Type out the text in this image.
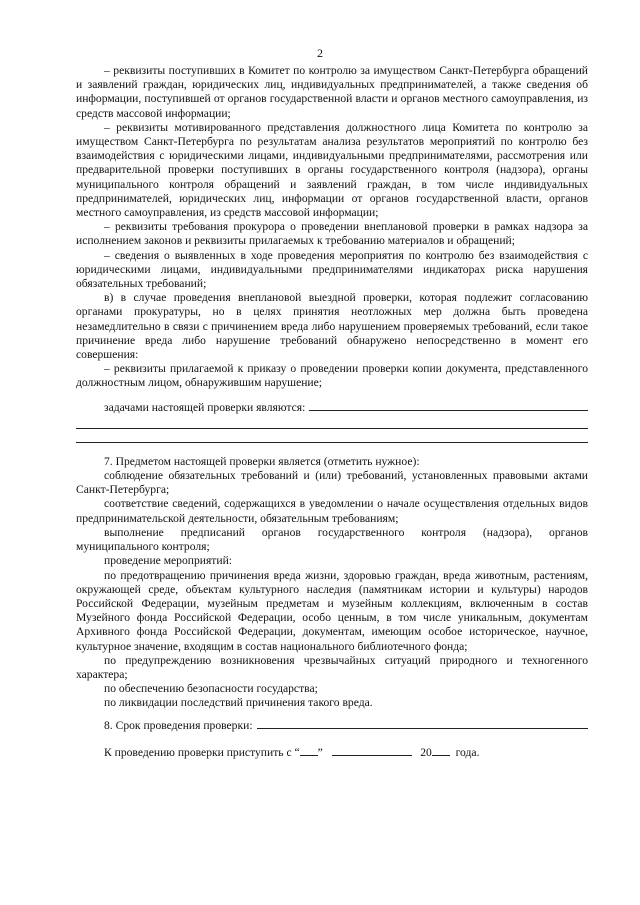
2

– реквизиты поступивших в Комитет по контролю за имуществом Санкт-Петербурга обращений и заявлений граждан, юридических лиц, индивидуальных предпринимателей, а также сведения об информации, поступившей от органов государственной власти и органов местного самоуправления, из средств массовой информации;

– реквизиты мотивированного представления должностного лица Комитета по контролю за имуществом Санкт-Петербурга по результатам анализа результатов мероприятий по контролю без взаимодействия с юридическими лицами, индивидуальными предпринимателями, рассмотрения или предварительной проверки поступивших в органы государственного контроля (надзора), органы муниципального контроля обращений и заявлений граждан, в том числе индивидуальных предпринимателей, юридических лиц, информации от органов государственной власти, органов местного самоуправления, из средств массовой информации;

– реквизиты требования прокурора о проведении внеплановой проверки в рамках надзора за исполнением законов и реквизиты прилагаемых к требованию материалов и обращений;

– сведения о выявленных в ходе проведения мероприятия по контролю без взаимодействия с юридическими лицами, индивидуальными предпринимателями индикаторах риска нарушения обязательных требований;

в) в случае проведения внеплановой выездной проверки, которая подлежит согласованию органами прокуратуры, но в целях принятия неотложных мер должна быть проведена незамедлительно в связи с причинением вреда либо нарушением проверяемых требований, если такое причинение вреда либо нарушение требований обнаружено непосредственно в момент его совершения:

– реквизиты прилагаемой к приказу о проведении проверки копии документа, представленного должностным лицом, обнаружившим нарушение;

задачами настоящей проверки являются:

7. Предметом настоящей проверки является (отметить нужное):

соблюдение обязательных требований и (или) требований, установленных правовыми актами Санкт-Петербурга;

соответствие сведений, содержащихся в уведомлении о начале осуществления отдельных видов предпринимательской деятельности, обязательным требованиям;

выполнение предписаний органов государственного контроля (надзора), органов муниципального контроля;

проведение мероприятий:

по предотвращению причинения вреда жизни, здоровью граждан, вреда животным, растениям, окружающей среде, объектам культурного наследия (памятникам истории и культуры) народов Российской Федерации, музейным предметам и музейным коллекциям, включенным в состав Музейного фонда Российской Федерации, особо ценным, в том числе уникальным, документам Архивного фонда Российской Федерации, документам, имеющим особое историческое, научное, культурное значение, входящим в состав национального библиотечного фонда;

по предупреждению возникновения чрезвычайных ситуаций природного и техногенного характера;

по обеспечению безопасности государства;

по ликвидации последствий причинения такого вреда.

8. Срок проведения проверки:
К проведению проверки приступить с “ ”	20 года.
